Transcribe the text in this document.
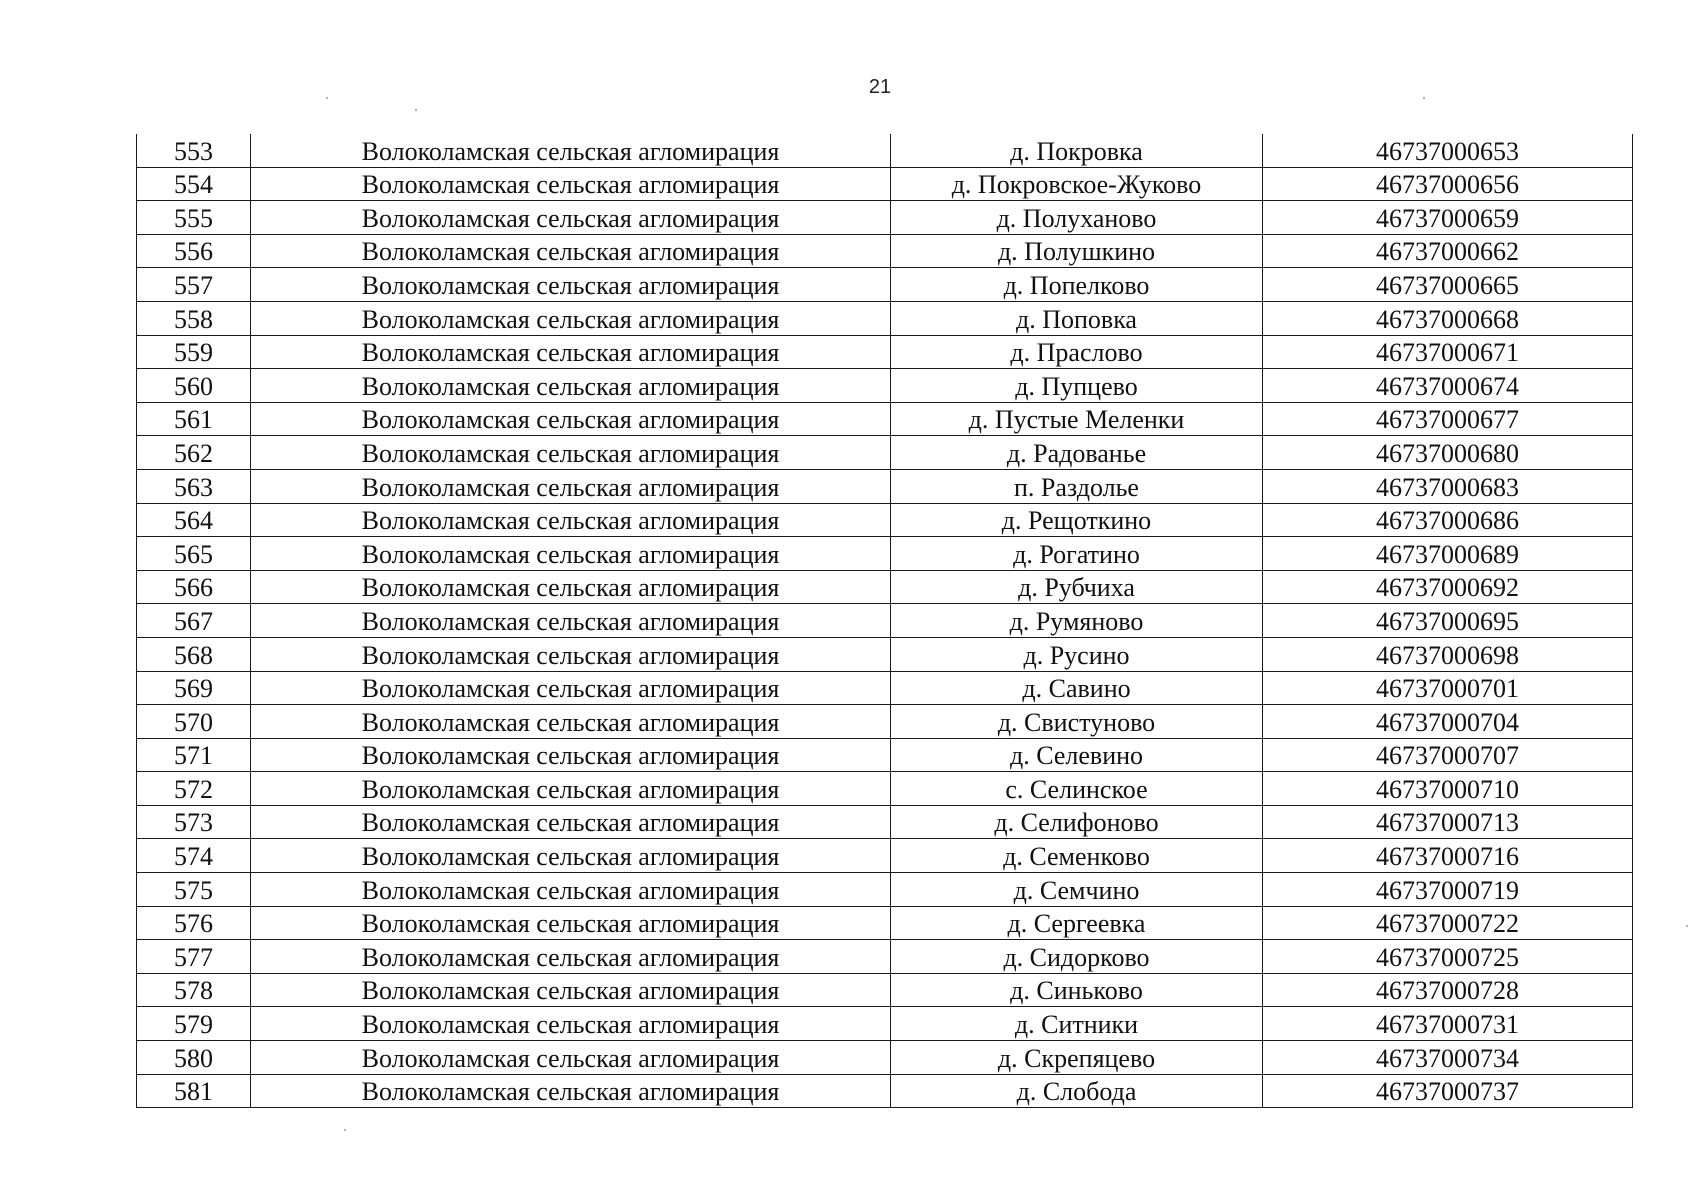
21
553	Волоколамская сельская агломирация	д. Покровка	46737000653
554	Волоколамская сельская агломирация	д. Покровское-Жуково	46737000656
555	Волоколамская сельская агломирация	д. Полуханово	46737000659
556	Волоколамская сельская агломирация	д. Полушкино	46737000662
557	Волоколамская сельская агломирация	д. Попелково	46737000665
558	Волоколамская сельская агломирация	д. Поповка	46737000668
559	Волоколамская сельская агломирация	д. Праслово	46737000671
560	Волоколамская сельская агломирация	д. Пупцево	46737000674
561	Волоколамская сельская агломирация	д. Пустые Меленки	46737000677
562	Волоколамская сельская агломирация	д. Радованье	46737000680
563	Волоколамская сельская агломирация	п. Раздолье	46737000683
564	Волоколамская сельская агломирация	д. Рещоткино	46737000686
565	Волоколамская сельская агломирация	д. Рогатино	46737000689
566	Волоколамская сельская агломирация	д. Рубчиха	46737000692
567	Волоколамская сельская агломирация	д. Румяново	46737000695
568	Волоколамская сельская агломирация	д. Русино	46737000698
569	Волоколамская сельская агломирация	д. Савино	46737000701
570	Волоколамская сельская агломирация	д. Свистуново	46737000704
571	Волоколамская сельская агломирация	д. Селевино	46737000707
572	Волоколамская сельская агломирация	с. Селинское	46737000710
573	Волоколамская сельская агломирация	д. Селифоново	46737000713
574	Волоколамская сельская агломирация	д. Семенково	46737000716
575	Волоколамская сельская агломирация	д. Семчино	46737000719
576	Волоколамская сельская агломирация	д. Сергеевка	46737000722
577	Волоколамская сельская агломирация	д. Сидорково	46737000725
578	Волоколамская сельская агломирация	д. Синьково	46737000728
579	Волоколамская сельская агломирация	д. Ситники	46737000731
580	Волоколамская сельская агломирация	д. Скрепяцево	46737000734
581	Волоколамская сельская агломирация	д. Слобода	46737000737
